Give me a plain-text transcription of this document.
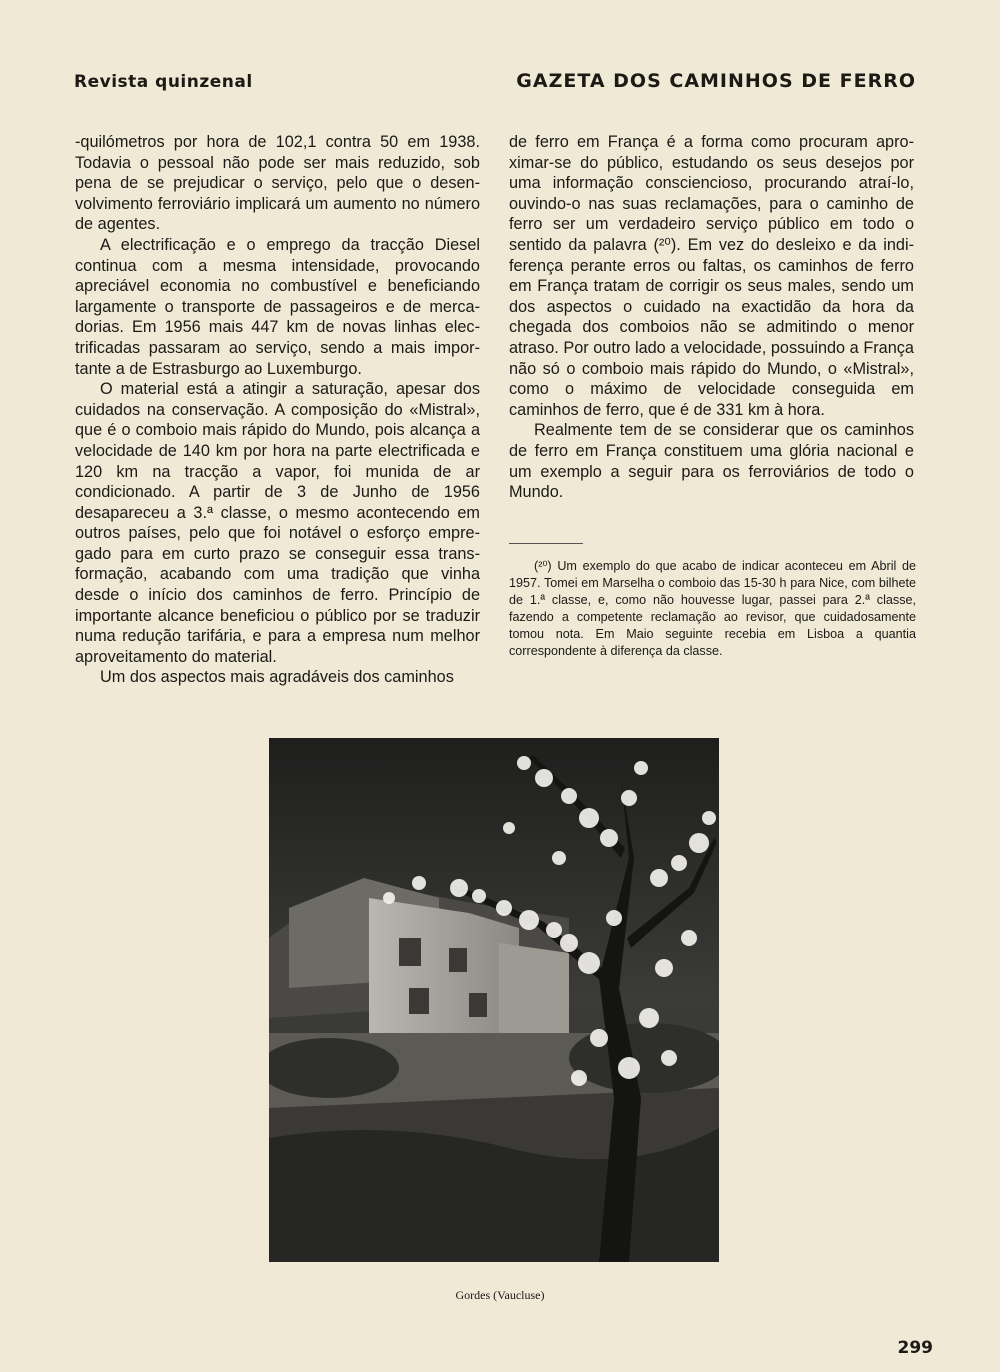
Revista quinzenal	GAZETA DOS CAMINHOS DE FERRO

-quilómetros por hora de 102,1 contra 50 em 1938. Todavia o pessoal não pode ser mais reduzido, sob pena de se prejudicar o serviço, pelo que o desenvolvimento ferroviário implicará um aumento no número de agentes.

A electrificação e o emprego da tracção Diesel continua com a mesma intensidade, provocando apreciável economia no combustível e beneficiando largamente o transporte de passageiros e de mercadorias. Em 1956 mais 447 km de novas linhas electrificadas passaram ao serviço, sendo a mais importante a de Estrasburgo ao Luxemburgo.

O material está a atingir a saturação, apesar dos cuidados na conservação. A composição do «Mistral», que é o comboio mais rápido do Mundo, pois alcança a velocidade de 140 km por hora na parte electrificada e 120 km na tracção a vapor, foi munida de ar condicionado. A partir de 3 de Junho de 1956 desapareceu a 3.ª classe, o mesmo acontecendo em outros países, pelo que foi notável o esforço empregado para em curto prazo se conseguir essa transformação, acabando com uma tradição que vinha desde o início dos caminhos de ferro. Princípio de importante alcance beneficiou o público por se traduzir numa redução tarifária, e para a empresa num melhor aproveitamento do material.

Um dos aspectos mais agradáveis dos caminhos

de ferro em França é a forma como procuram aproximar-se do público, estudando os seus desejos por uma informação consciencioso, procurando atraí-lo, ouvindo-o nas suas reclamações, para o caminho de ferro ser um verdadeiro serviço público em todo o sentido da palavra (²⁰). Em vez do desleixo e da indiferença perante erros ou faltas, os caminhos de ferro em França tratam de corrigir os seus males, sendo um dos aspectos o cuidado na exactidão da hora da chegada dos comboios não se admitindo o menor atraso. Por outro lado a velocidade, possuindo a França não só o comboio mais rápido do Mundo, o «Mistral», como o máximo de velocidade conseguida em caminhos de ferro, que é de 331 km à hora.

Realmente tem de se considerar que os caminhos de ferro em França constituem uma glória nacional e um exemplo a seguir para os ferroviários de todo o Mundo.

(²⁰) Um exemplo do que acabo de indicar aconteceu em Abril de 1957. Tomei em Marselha o comboio das 15-30 h para Nice, com bilhete de 1.ª classe, e, como não houvesse lugar, passei para 2.ª classe, fazendo a competente reclamação ao revisor, que cuidadosamente tomou nota. Em Maio seguinte recebia em Lisboa a quantia correspondente à diferença da classe.

Gordes (Vaucluse)
299
